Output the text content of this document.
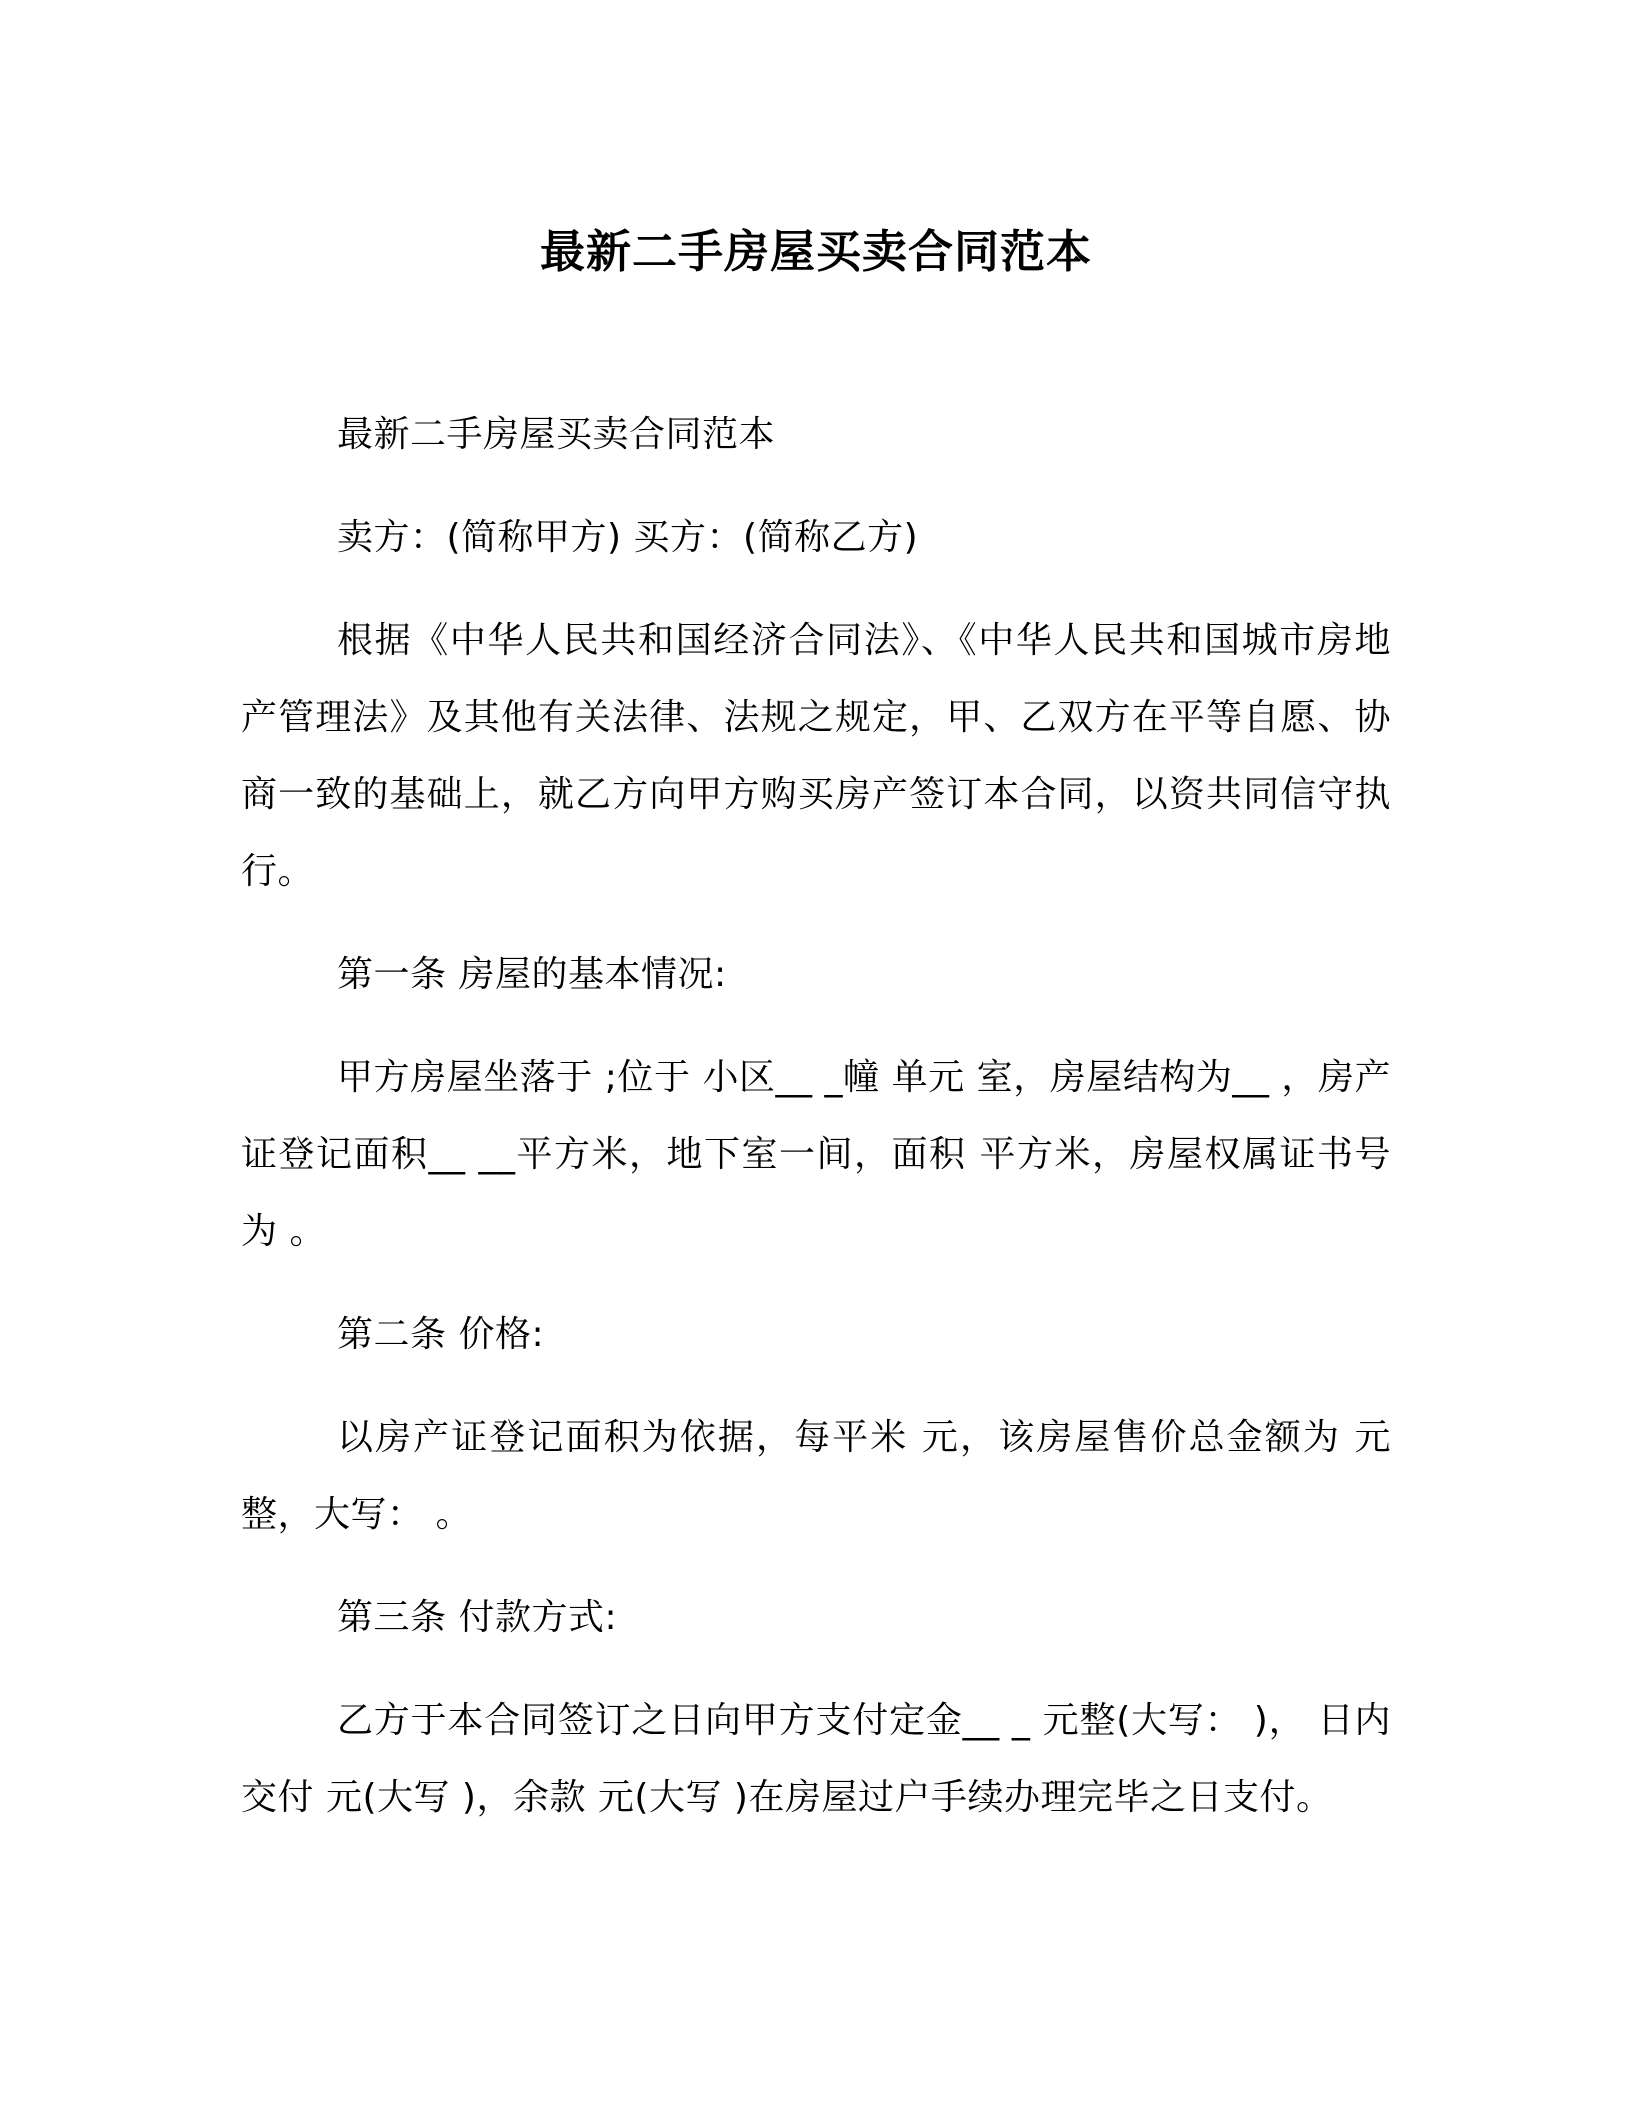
最新二手房屋买卖合同范本

最新二手房屋买卖合同范本

卖方：(简称甲方) 买方：(简称乙方)

根据《中华人民共和国经济合同法》、《中华人民共和国城市房地产管理法》及其他有关法律、法规之规定，甲、乙双方在平等自愿、协商一致的基础上，就乙方向甲方购买房产签订本合同，以资共同信守执行。

第一条 房屋的基本情况:

甲方房屋坐落于 ;位于 小区__ _幢 单元 室，房屋结构为__ ，房产证登记面积__ __平方米，地下室一间，面积 平方米，房屋权属证书号为 。

第二条 价格:

以房产证登记面积为依据，每平米 元，该房屋售价总金额为 元整，大写： 。

第三条 付款方式:

乙方于本合同签订之日向甲方支付定金__ _ 元整(大写： )， 日内交付 元(大写 )，余款 元(大写 )在房屋过户手续办理完毕之日支付。
